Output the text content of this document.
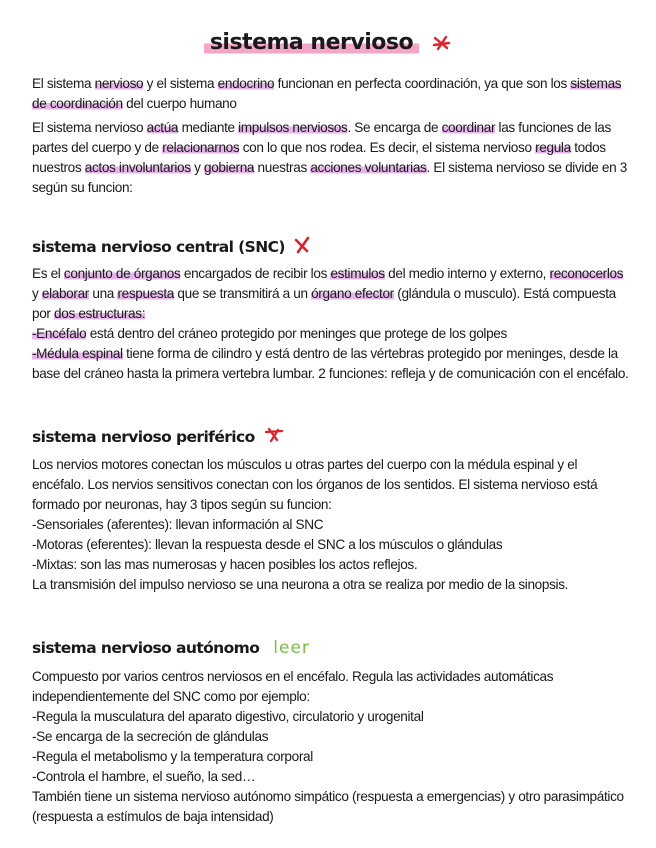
sistema nervioso

El sistema nervioso y el sistema endocrino funcionan en perfecta coordinación, ya que son los sistemas de coordinación del cuerpo humano

El sistema nervioso actúa mediante impulsos nerviosos. Se encarga de coordinar las funciones de las partes del cuerpo y de relacionarnos con lo que nos rodea. Es decir, el sistema nervioso regula todos nuestros actos involuntarios y gobierna nuestras acciones voluntarias. El sistema nervioso se divide en 3 según su funcion:

sistema nervioso central (SNC)

Es el conjunto de órganos encargados de recibir los estimulos del medio interno y externo, reconocerlos y elaborar una respuesta que se transmitirá a un órgano efector (glándula o musculo). Está compuesta por dos estructuras:

-Encéfalo está dentro del cráneo protegido por meninges que protege de los golpes

-Médula espinal tiene forma de cilindro y está dentro de las vértebras protegido por meninges, desde la base del cráneo hasta la primera vertebra lumbar. 2 funciones: refleja y de comunicación con el encéfalo.

sistema nervioso periférico

Los nervios motores conectan los músculos u otras partes del cuerpo con la médula espinal y el encéfalo. Los nervios sensitivos conectan con los órganos de los sentidos. El sistema nervioso está formado por neuronas, hay 3 tipos según su funcion:

-Sensoriales (aferentes): llevan información al SNC

-Motoras (eferentes): llevan la respuesta desde el SNC a los músculos o glándulas

-Mixtas: son las mas numerosas y hacen posibles los actos reflejos.

La transmisión del impulso nervioso se una neurona a otra se realiza por medio de la sinopsis.

sistema nervioso autónomo leer

Compuesto por varios centros nerviosos en el encéfalo. Regula las actividades automáticas independientemente del SNC como por ejemplo:

-Regula la musculatura del aparato digestivo, circulatorio y urogenital

-Se encarga de la secreción de glándulas

-Regula el metabolismo y la temperatura corporal

-Controla el hambre, el sueño, la sed…

También tiene un sistema nervioso autónomo simpático (respuesta a emergencias) y otro parasimpático (respuesta a estímulos de baja intensidad)
